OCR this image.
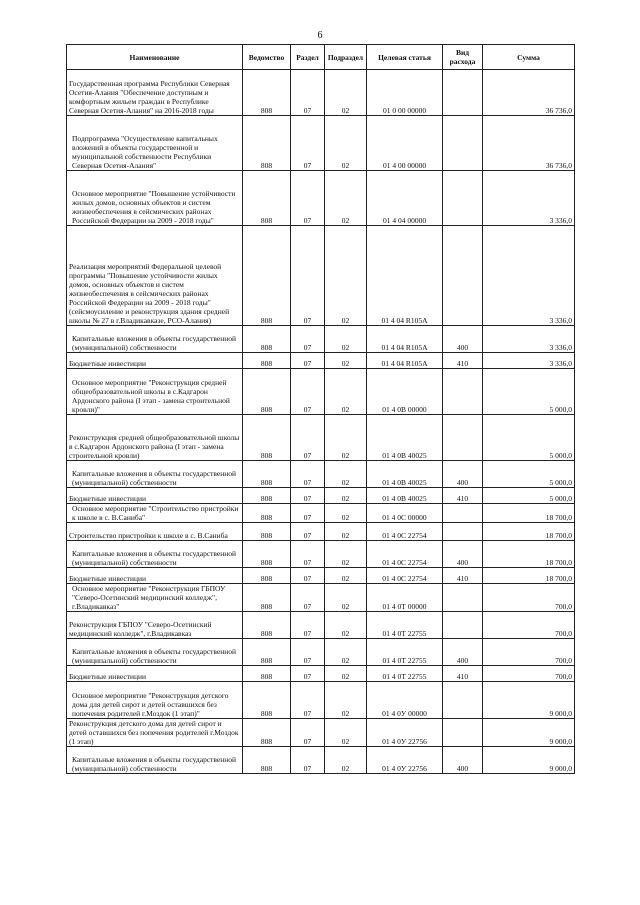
6
Наименование	Ведомство	Раздел	Подраздел	Целевая статья	Вид расхода	Сумма
Государственная программа Республики Северная Осетия-Алания "Обеспечение доступным и комфортным жильем граждан в Республике Северная Осетия-Алания" на 2016-2018 годы	808	07	02	01 0 00 00000		36 736,0
Подпрограмма "Осуществление капитальных вложений в объекты государственной и муниципальной собственности Республики Северная Осетия-Алания"	808	07	02	01 4 00 00000		36 736,0
Основное мероприятие "Повышение устойчивости жилых домов, основных объектов и систем жизнеобеспечения в сейсмических районах Российской Федерации на 2009 - 2018 годы"	808	07	02	01 4 04 00000		3 336,0
Реализация мероприятий Федеральной целевой программы "Повышение устойчивости жилых домов, основных объектов и систем жизнеобеспечения в сейсмических районах Российской Федерации на 2009 - 2018 годы" (сейсмоусиление и реконструкция здания средней школы № 27 в г.Владикавказе, РСО-Алания)	808	07	02	01 4 04 R105A		3 336,0
Капитальные вложения в объекты государственной (муниципальной) собственности	808	07	02	01 4 04 R105A	400	3 336,0
Бюджетные инвестиции	808	07	02	01 4 04 R105A	410	3 336,0
Основное мероприятие "Реконструкция средней общеобразовательной школы в с.Кадгарон Ардонского района (I этап - замена строительной кровли)"	808	07	02	01 4 0В 00000		5 000,0
Реконструкция средней общеобразовательной школы в с.Кадгарон Ардонского района (I этап - замена строительной кровли)	808	07	02	01 4 0В 40025		5 000,0
Капитальные вложения в объекты государственной (муниципальной) собственности	808	07	02	01 4 0В 40025	400	5 000,0
Бюджетные инвестиции	808	07	02	01 4 0В 40025	410	5 000,0
Основное мероприятие "Строительство пристройки к школе в с. В.Саниба"	808	07	02	01 4 0С 00000		18 700,0
Строительство пристройки к школе в с. В.Саниба	808	07	02	01 4 0С 22754		18 700,0
Капитальные вложения в объекты государственной (муниципальной) собственности	808	07	02	01 4 0С 22754	400	18 700,0
Бюджетные инвестиции	808	07	02	01 4 0С 22754	410	18 700,0
Основное мероприятие "Реконструкция ГБПОУ "Северо-Осетинский медицинский колледж", г.Владикавказ"	808	07	02	01 4 0Т 00000		700,0
Реконструкция ГБПОУ "Северо-Осетинский медицинский колледж", г.Владикавказ	808	07	02	01 4 0Т 22755		700,0
Капитальные вложения в объекты государственной (муниципальной) собственности	808	07	02	01 4 0Т 22755	400	700,0
Бюджетные инвестиции	808	07	02	01 4 0Т 22755	410	700,0
Основное мероприятие "Реконструкция детского дома для детей сирот и детей оставшихся без попечения родителей г.Моздок (1 этап)"	808	07	02	01 4 0У 00000		9 000,0
Реконструкция детского дома для детей сирот и детей оставшихся без попечения родителей г.Моздок (1 этап)	808	07	02	01 4 0У 22756		9 000,0
Капитальные вложения в объекты государственной (муниципальной) собственности	808	07	02	01 4 0У 22756	400	9 000,0
